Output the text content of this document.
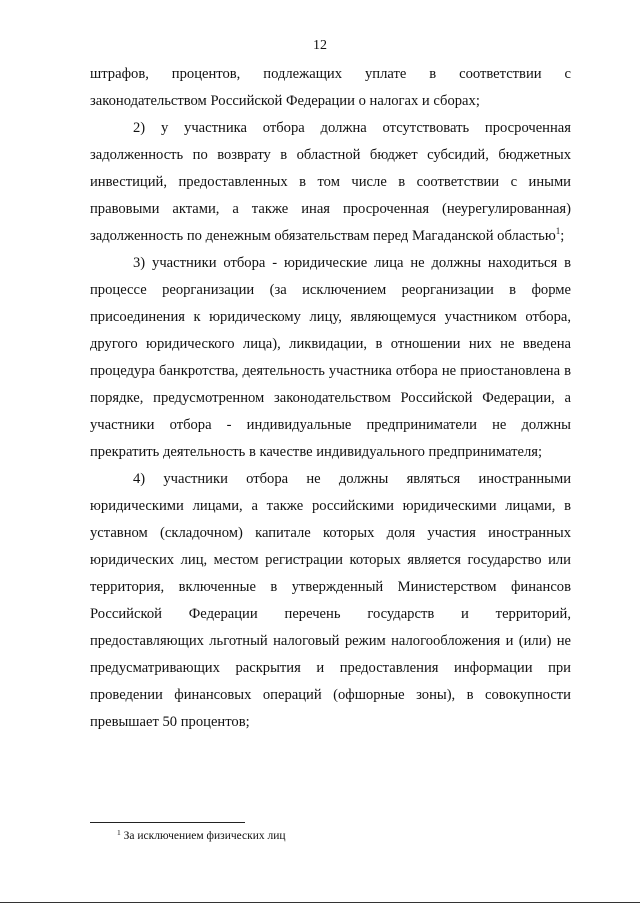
12

штрафов, процентов, подлежащих уплате в соответствии с законодательством Российской Федерации о налогах и сборах;

2) у участника отбора должна отсутствовать просроченная задолженность по возврату в областной бюджет субсидий, бюджетных инвестиций, предоставленных в том числе в соответствии с иными правовыми актами, а также иная просроченная (неурегулированная) задолженность по денежным обязательствам перед Магаданской областью$^1$;

3) участники отбора - юридические лица не должны находиться в процессе реорганизации (за исключением реорганизации в форме присоединения к юридическому лицу, являющемуся участником отбора, другого юридического лица), ликвидации, в отношении них не введена процедура банкротства, деятельность участника отбора не приостановлена в порядке, предусмотренном законодательством Российской Федерации, а участники отбора - индивидуальные предприниматели не должны прекратить деятельность в качестве индивидуального предпринимателя;

4) участники отбора не должны являться иностранными юридическими лицами, а также российскими юридическими лицами, в уставном (складочном) капитале которых доля участия иностранных юридических лиц, местом регистрации которых является государство или территория, включенные в утвержденный Министерством финансов Российской Федерации перечень государств и территорий, предоставляющих льготный налоговый режим налогообложения и (или) не предусматривающих раскрытия и предоставления информации при проведении финансовых операций (офшорные зоны), в совокупности превышает 50 процентов;

$^1$ За исключением физических лиц
